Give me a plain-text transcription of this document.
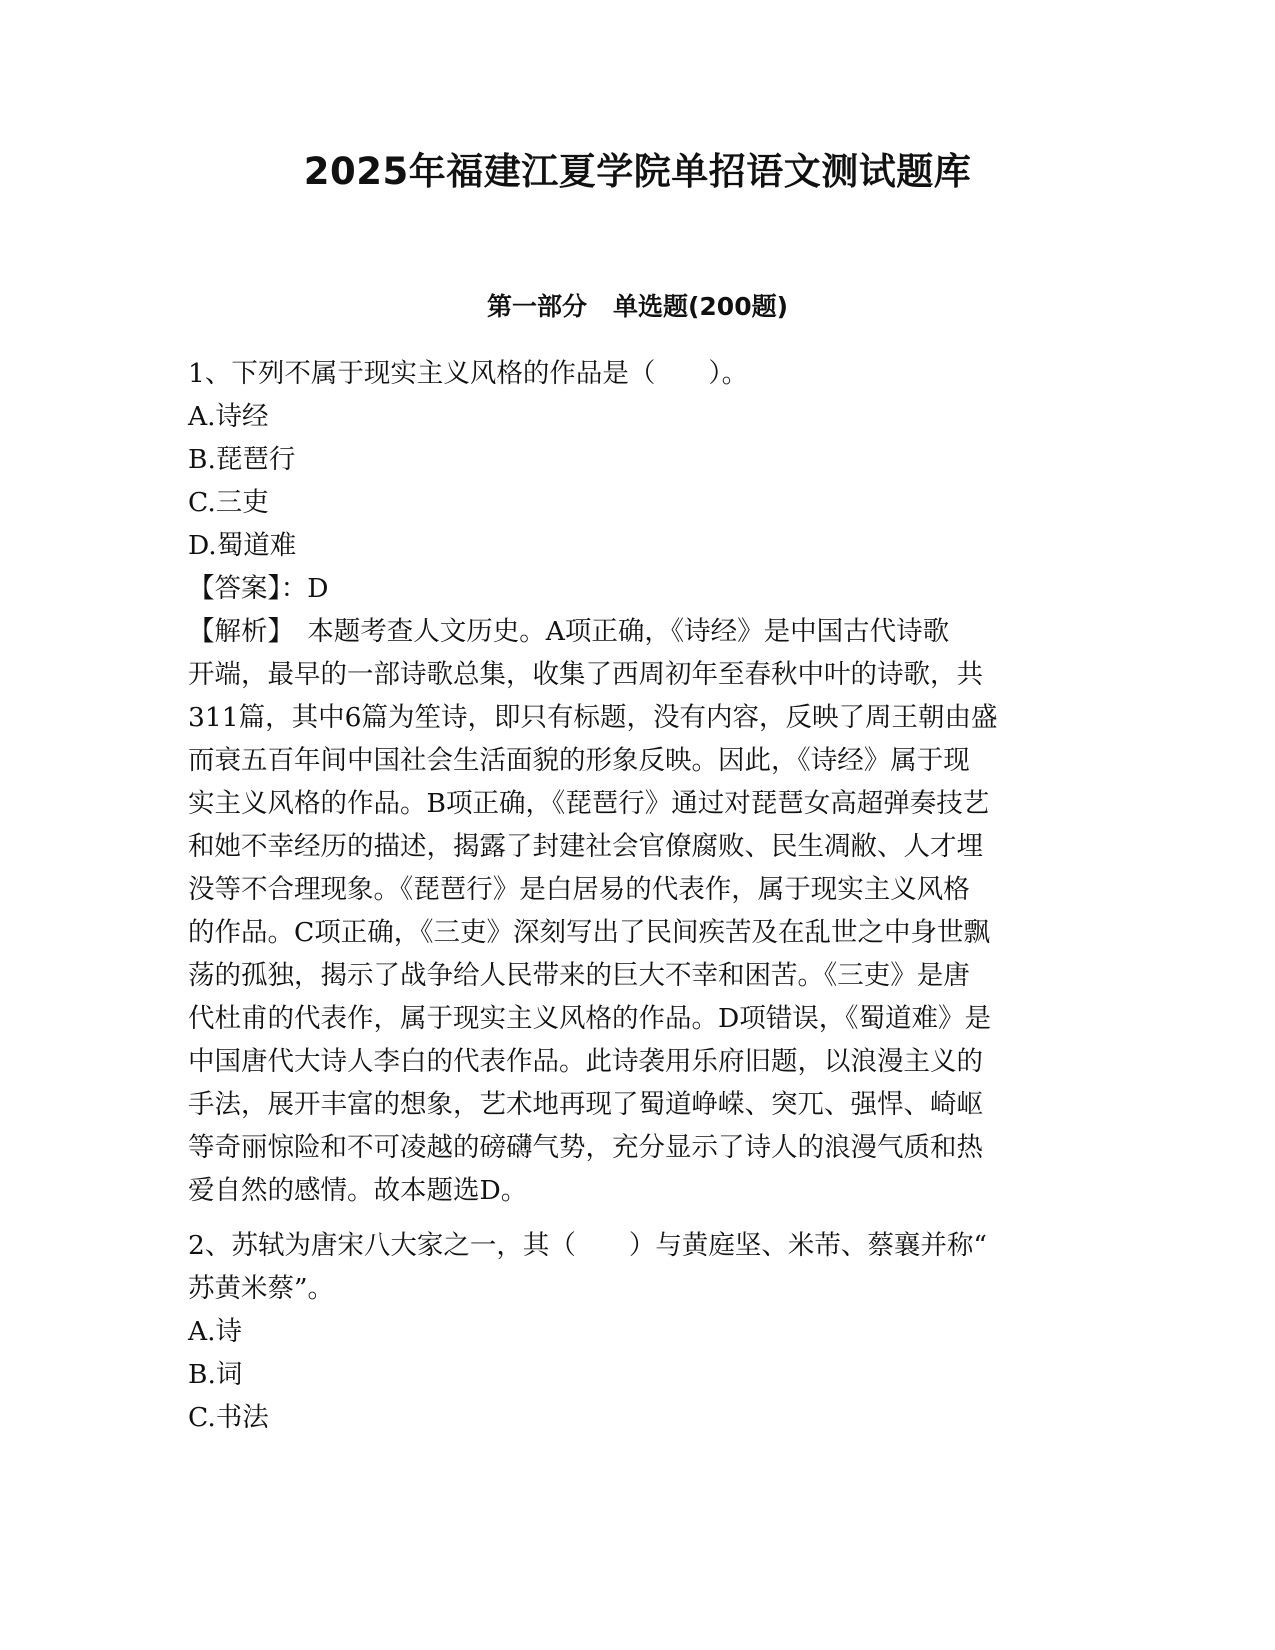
2025年福建江夏学院单招语文测试题库
第一部分 单选题(200题)
1、下列不属于现实主义风格的作品是（　　）。
A.诗经
B.琵琶行
C.三吏
D.蜀道难
【答案】：D
【解析】　本题考查人文历史。A项正确，《诗经》是中国古代诗歌
开端，最早的一部诗歌总集，收集了西周初年至春秋中叶的诗歌，共
311篇，其中6篇为笙诗，即只有标题，没有内容，反映了周王朝由盛
而衰五百年间中国社会生活面貌的形象反映。因此，《诗经》属于现
实主义风格的作品。B项正确，《琵琶行》通过对琵琶女高超弹奏技艺
和她不幸经历的描述，揭露了封建社会官僚腐败、民生凋敝、人才埋
没等不合理现象。《琵琶行》是白居易的代表作，属于现实主义风格
的作品。C项正确，《三吏》深刻写出了民间疾苦及在乱世之中身世飘
荡的孤独，揭示了战争给人民带来的巨大不幸和困苦。《三吏》是唐
代杜甫的代表作，属于现实主义风格的作品。D项错误，《蜀道难》是
中国唐代大诗人李白的代表作品。此诗袭用乐府旧题，以浪漫主义的
手法，展开丰富的想象，艺术地再现了蜀道峥嵘、突兀、强悍、崎岖
等奇丽惊险和不可凌越的磅礴气势，充分显示了诗人的浪漫气质和热
爱自然的感情。故本题选D。
2、苏轼为唐宋八大家之一，其（　　）与黄庭坚、米芾、蔡襄并称“
苏黄米蔡”。
A.诗
B.词
C.书法
